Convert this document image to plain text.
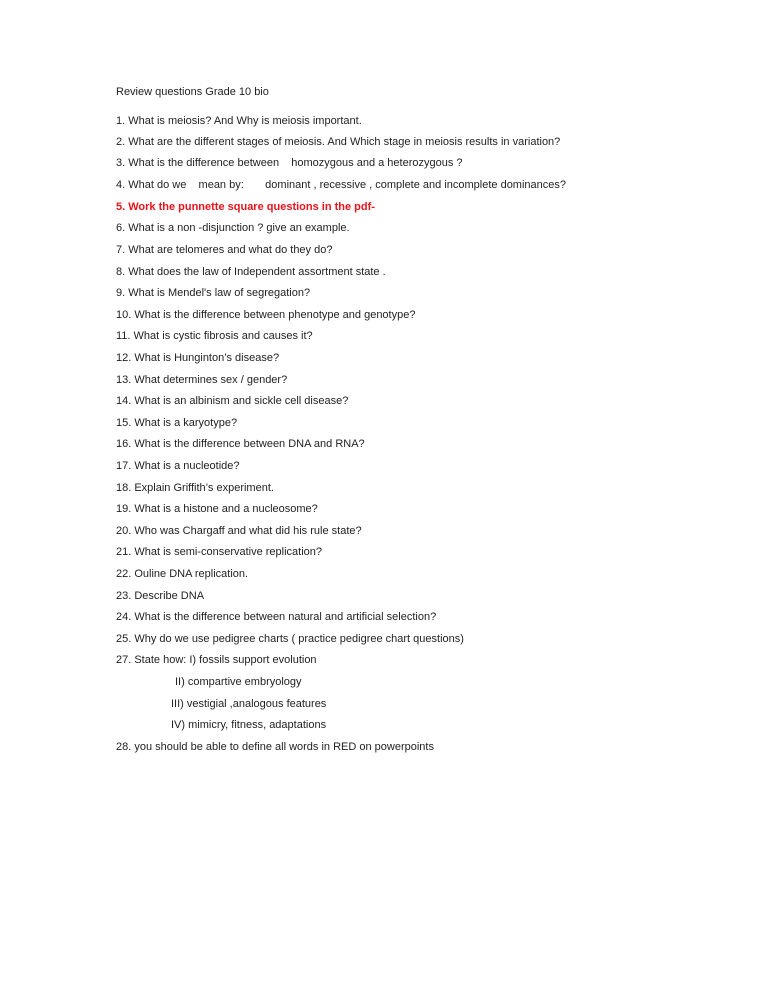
Review questions Grade 10 bio
1. What is meiosis? And Why is meiosis important.
2. What are the different stages of meiosis. And Which stage in meiosis results in variation?
3. What is the difference between    homozygous and a heterozygous ?
4. What do we    mean by:       dominant , recessive , complete and incomplete dominances?
5. Work the punnette square questions in the pdf-
6. What is a non -disjunction ? give an example.
7. What are telomeres and what do they do?
8. What does the law of Independent assortment state .
9. What is Mendel's law of segregation?
10. What is the difference between phenotype and genotype?
11. What is cystic fibrosis and causes it?
12. What is Hunginton’s disease?
13. What determines sex / gender?
14. What is an albinism and sickle cell disease?
15. What is a karyotype?
16. What is the difference between DNA and RNA?
17. What is a nucleotide?
18. Explain Griffith’s experiment.
19. What is a histone and a nucleosome?
20. Who was Chargaff and what did his rule state?
21. What is semi-conservative replication?
22. Ouline DNA replication.
23. Describe DNA
24. What is the difference between natural and artificial selection?
25. Why do we use pedigree charts ( practice pedigree chart questions)
27. State how: I) fossils support evolution
II) compartive embryology
III) vestigial ,analogous features
IV) mimicry, fitness, adaptations
28. you should be able to define all words in RED on powerpoints
